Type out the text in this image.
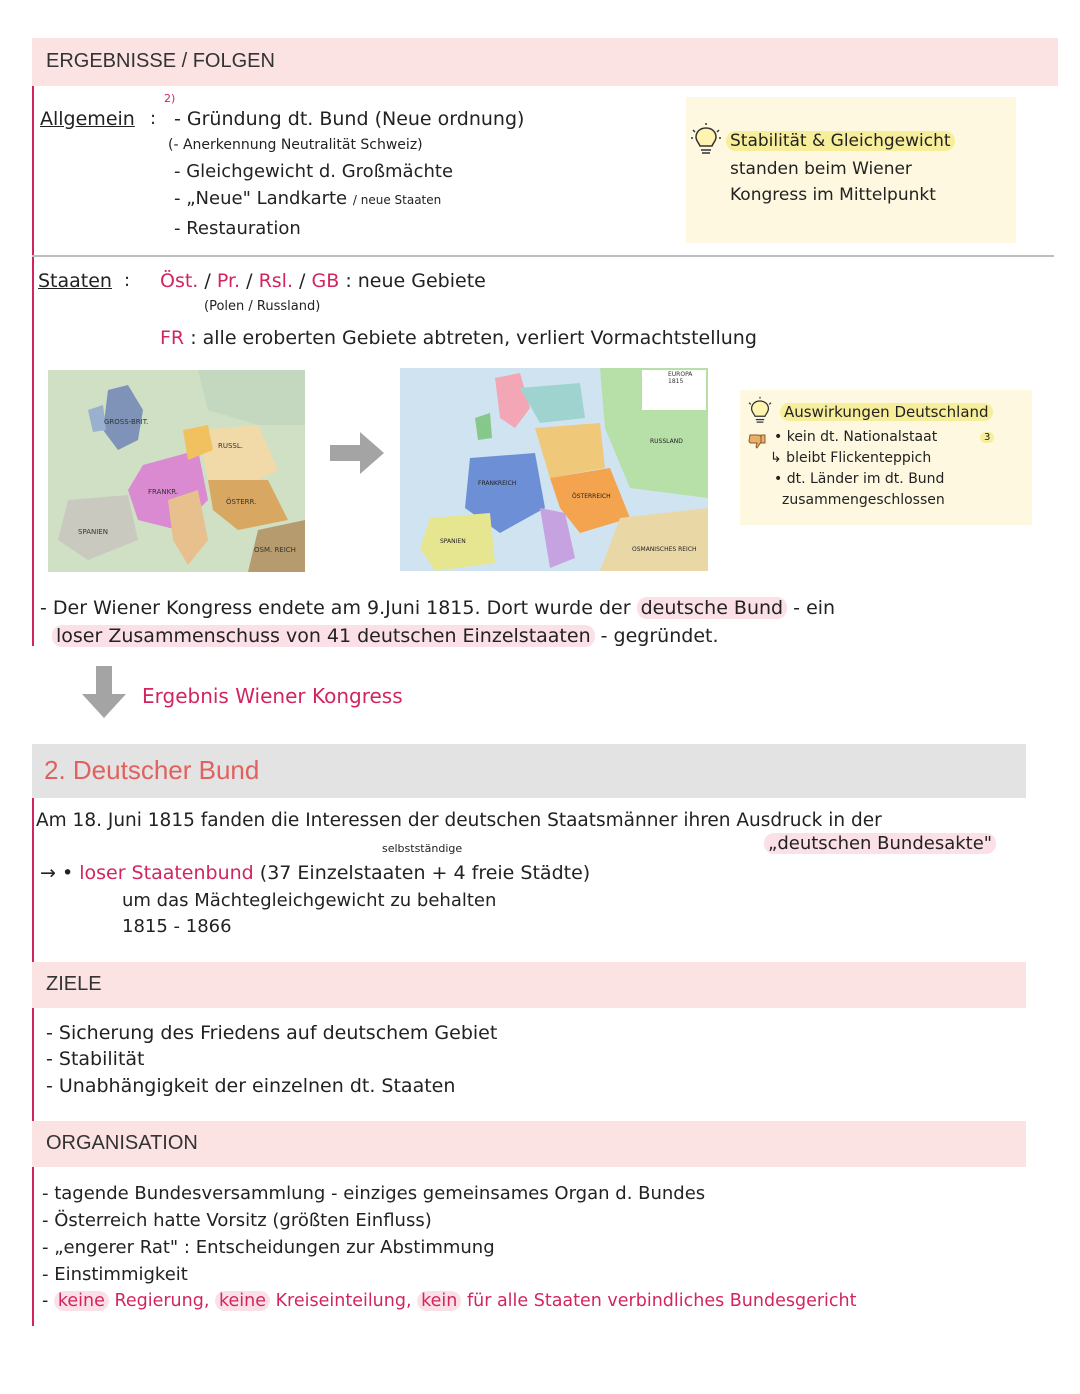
ERGEBNISSE / FOLGEN
Allgemein :
2)
- Gründung dt. Bund (Neue ordnung)
(- Anerkennung Neutralität Schweiz)
- Gleichgewicht d. Großmächte
- „Neue" Landkarte / neue Staaten
- Restauration
Stabilität & Gleichgewicht
standen beim Wiener
Kongress im Mittelpunkt
Staaten : Öst. / Pr. / Rsl. / GB : neue Gebiete
(Polen / Russland)
FR : alle eroberten Gebiete abtreten, verliert Vormachtstellung
GROSS-BRIT.
RUSSL.
FRANKR.
ÖSTERR.
SPANIEN
OSM. REICH
EUROPA 1815
FRANKREICH
ÖSTERREICH
RUSSLAND
SPANIEN
OSMANISCHES REICH
Auswirkungen Deutschland
• kein dt. Nationalstaat	3
↳ bleibt Flickenteppich
• dt. Länder im dt. Bund
zusammengeschlossen
- Der Wiener Kongress endete am 9.Juni 1815. Dort wurde der deutsche Bund - ein
loser Zusammenschuss von 41 deutschen Einzelstaaten - gegründet.
Ergebnis Wiener Kongress
2. Deutscher Bund
Am 18. Juni 1815 fanden die Interessen der deutschen Staatsmänner ihren Ausdruck in der
„deutschen Bundesakte"
selbstständige
→ • loser Staatenbund (37 Einzelstaaten + 4 freie Städte)
um das Mächtegleichgewicht zu behalten
1815 - 1866
ZIELE
- Sicherung des Friedens auf deutschem Gebiet
- Stabilität
- Unabhängigkeit der einzelnen dt. Staaten
ORGANISATION
- tagende Bundesversammlung - einziges gemeinsames Organ d. Bundes
- Österreich hatte Vorsitz (größten Einfluss)
- „engerer Rat" : Entscheidungen zur Abstimmung
- Einstimmigkeit
- keine Regierung, keine Kreiseinteilung, kein für alle Staaten verbindliches Bundesgericht
